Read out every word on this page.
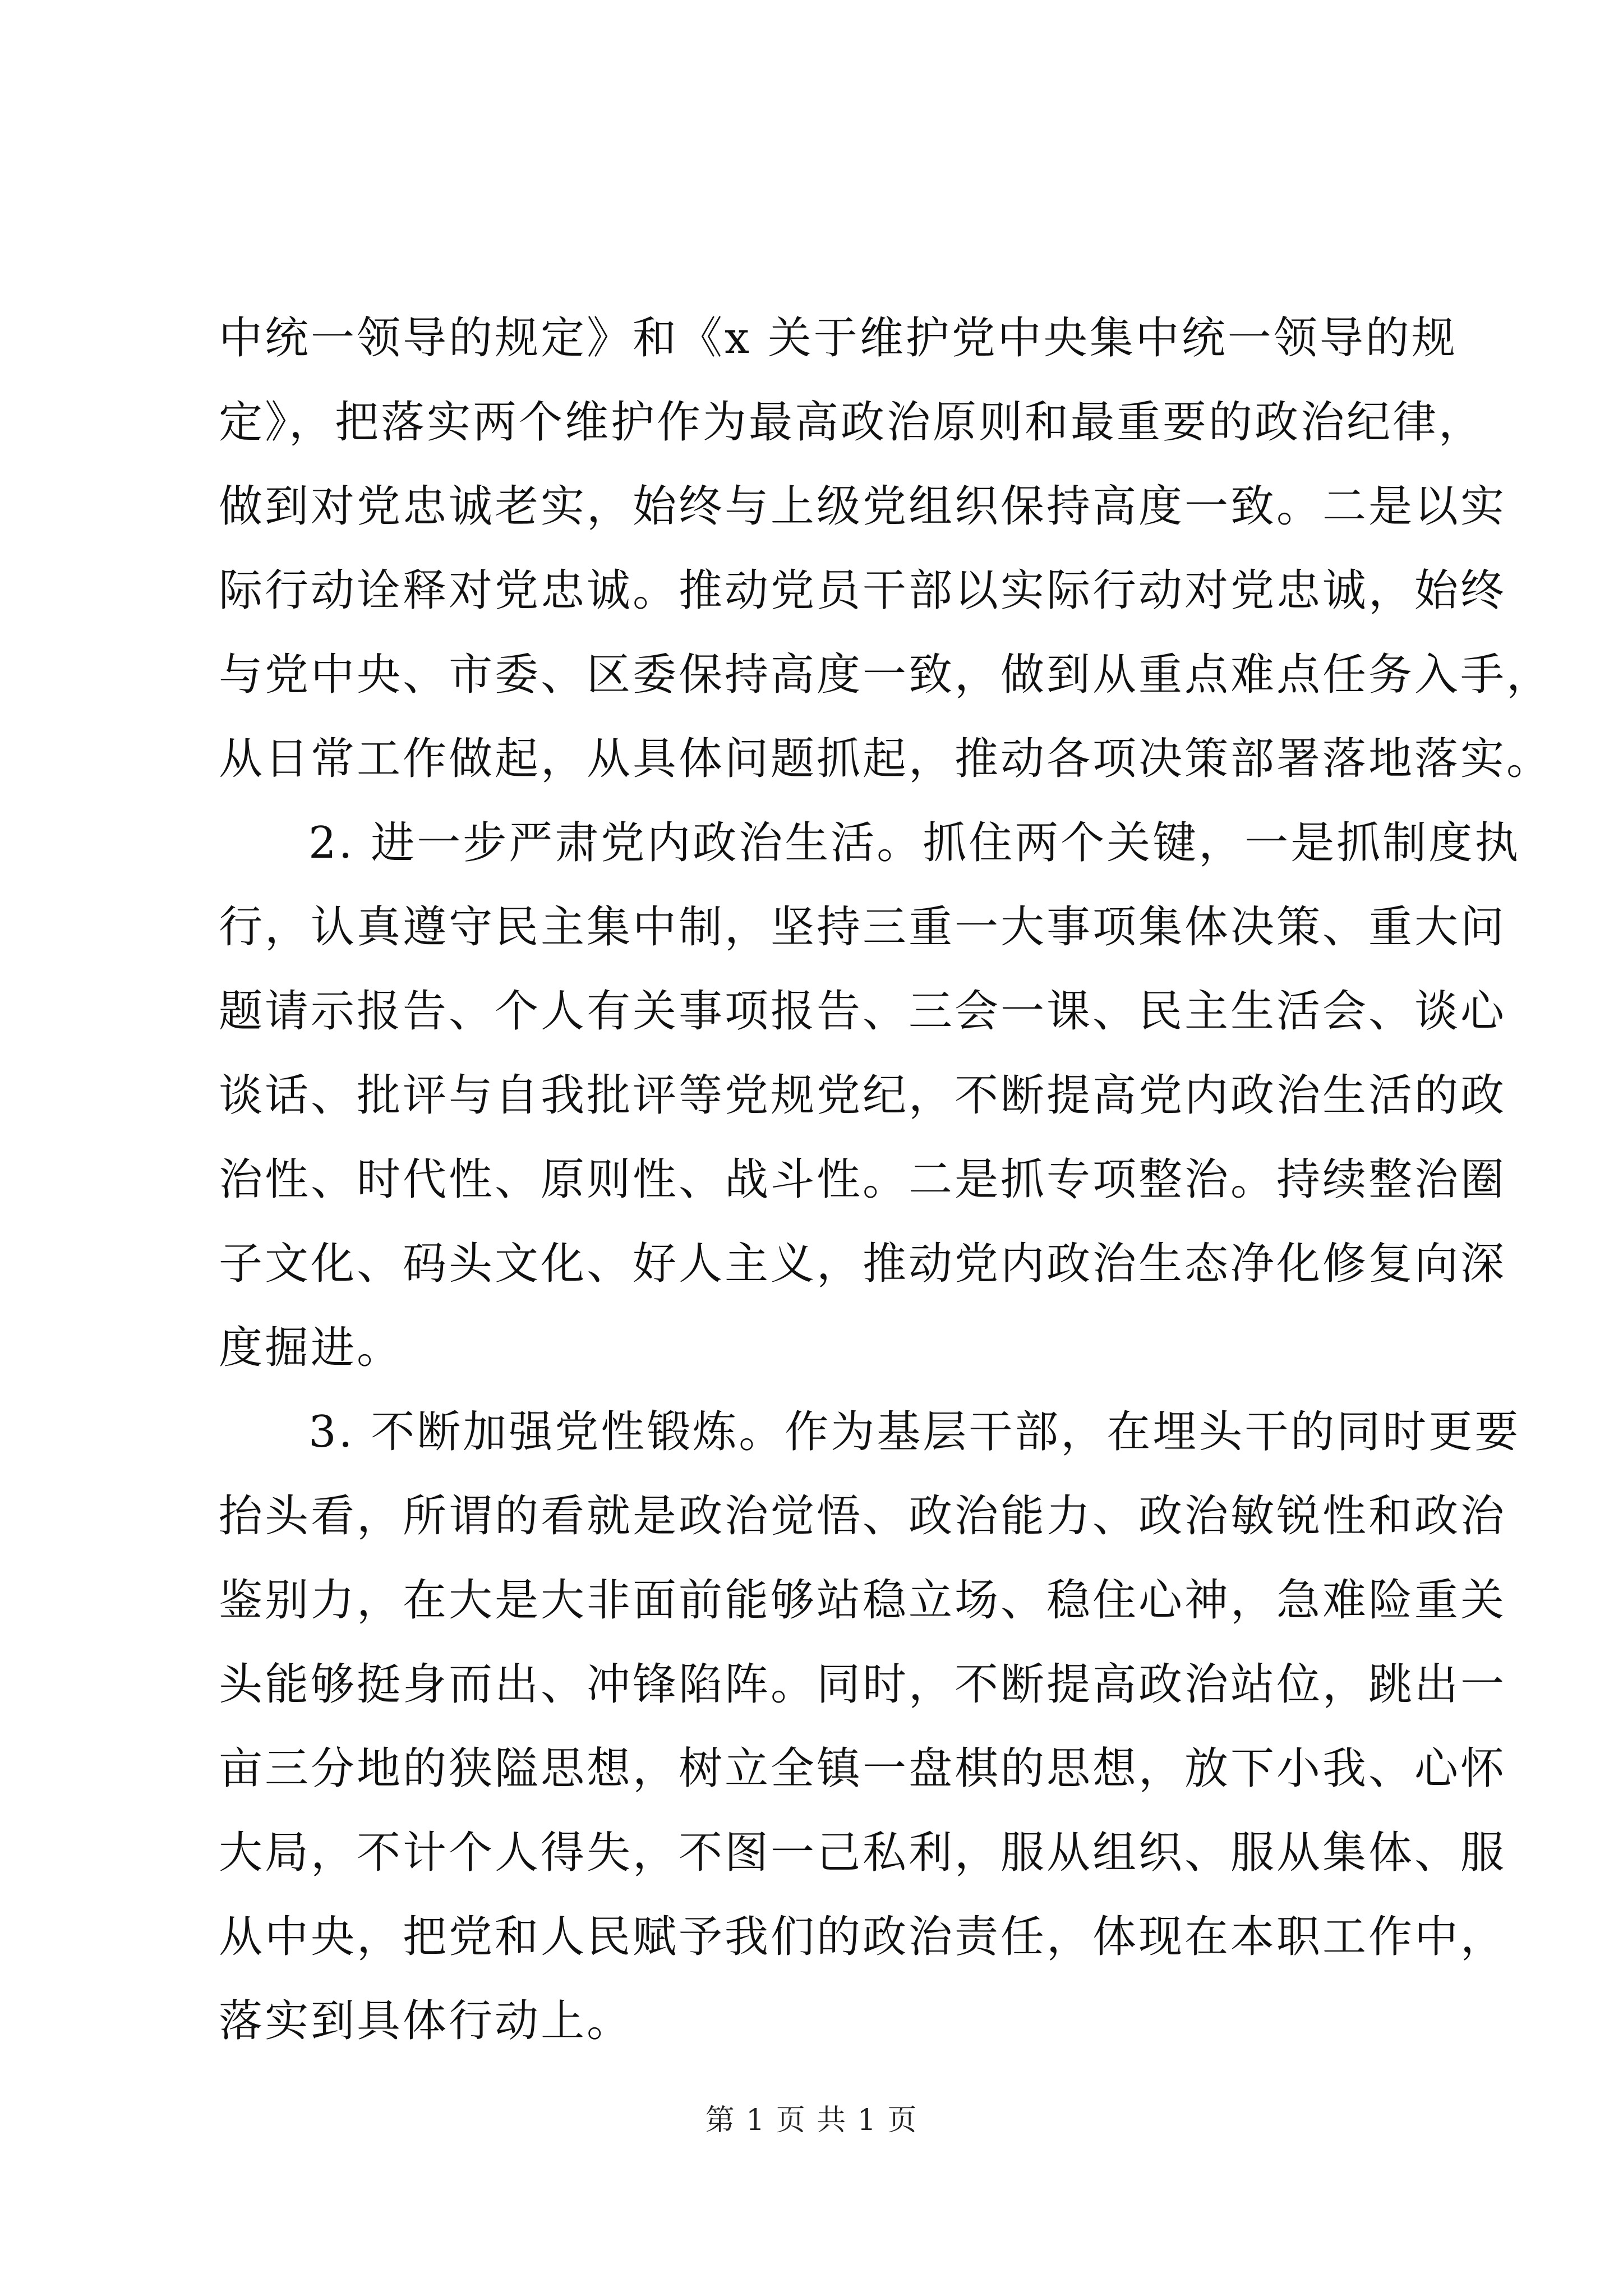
中统一领导的规定》和《x 关于维护党中央集中统一领导的规
定》，把落实两个维护作为最高政治原则和最重要的政治纪律，
做到对党忠诚老实，始终与上级党组织保持高度一致。二是以实
际行动诠释对党忠诚。推动党员干部以实际行动对党忠诚，始终
与党中央、市委、区委保持高度一致，做到从重点难点任务入手，
从日常工作做起，从具体问题抓起，推动各项决策部署落地落实。
2. 进一步严肃党内政治生活。抓住两个关键，一是抓制度执
行，认真遵守民主集中制，坚持三重一大事项集体决策、重大问
题请示报告、个人有关事项报告、三会一课、民主生活会、谈心
谈话、批评与自我批评等党规党纪，不断提高党内政治生活的政
治性、时代性、原则性、战斗性。二是抓专项整治。持续整治圈
子文化、码头文化、好人主义，推动党内政治生态净化修复向深
度掘进。
3. 不断加强党性锻炼。作为基层干部，在埋头干的同时更要
抬头看，所谓的看就是政治觉悟、政治能力、政治敏锐性和政治
鉴别力，在大是大非面前能够站稳立场、稳住心神，急难险重关
头能够挺身而出、冲锋陷阵。同时，不断提高政治站位，跳出一
亩三分地的狭隘思想，树立全镇一盘棋的思想，放下小我、心怀
大局，不计个人得失，不图一己私利，服从组织、服从集体、服
从中央，把党和人民赋予我们的政治责任，体现在本职工作中，
落实到具体行动上。
第 1 页 共 1 页
